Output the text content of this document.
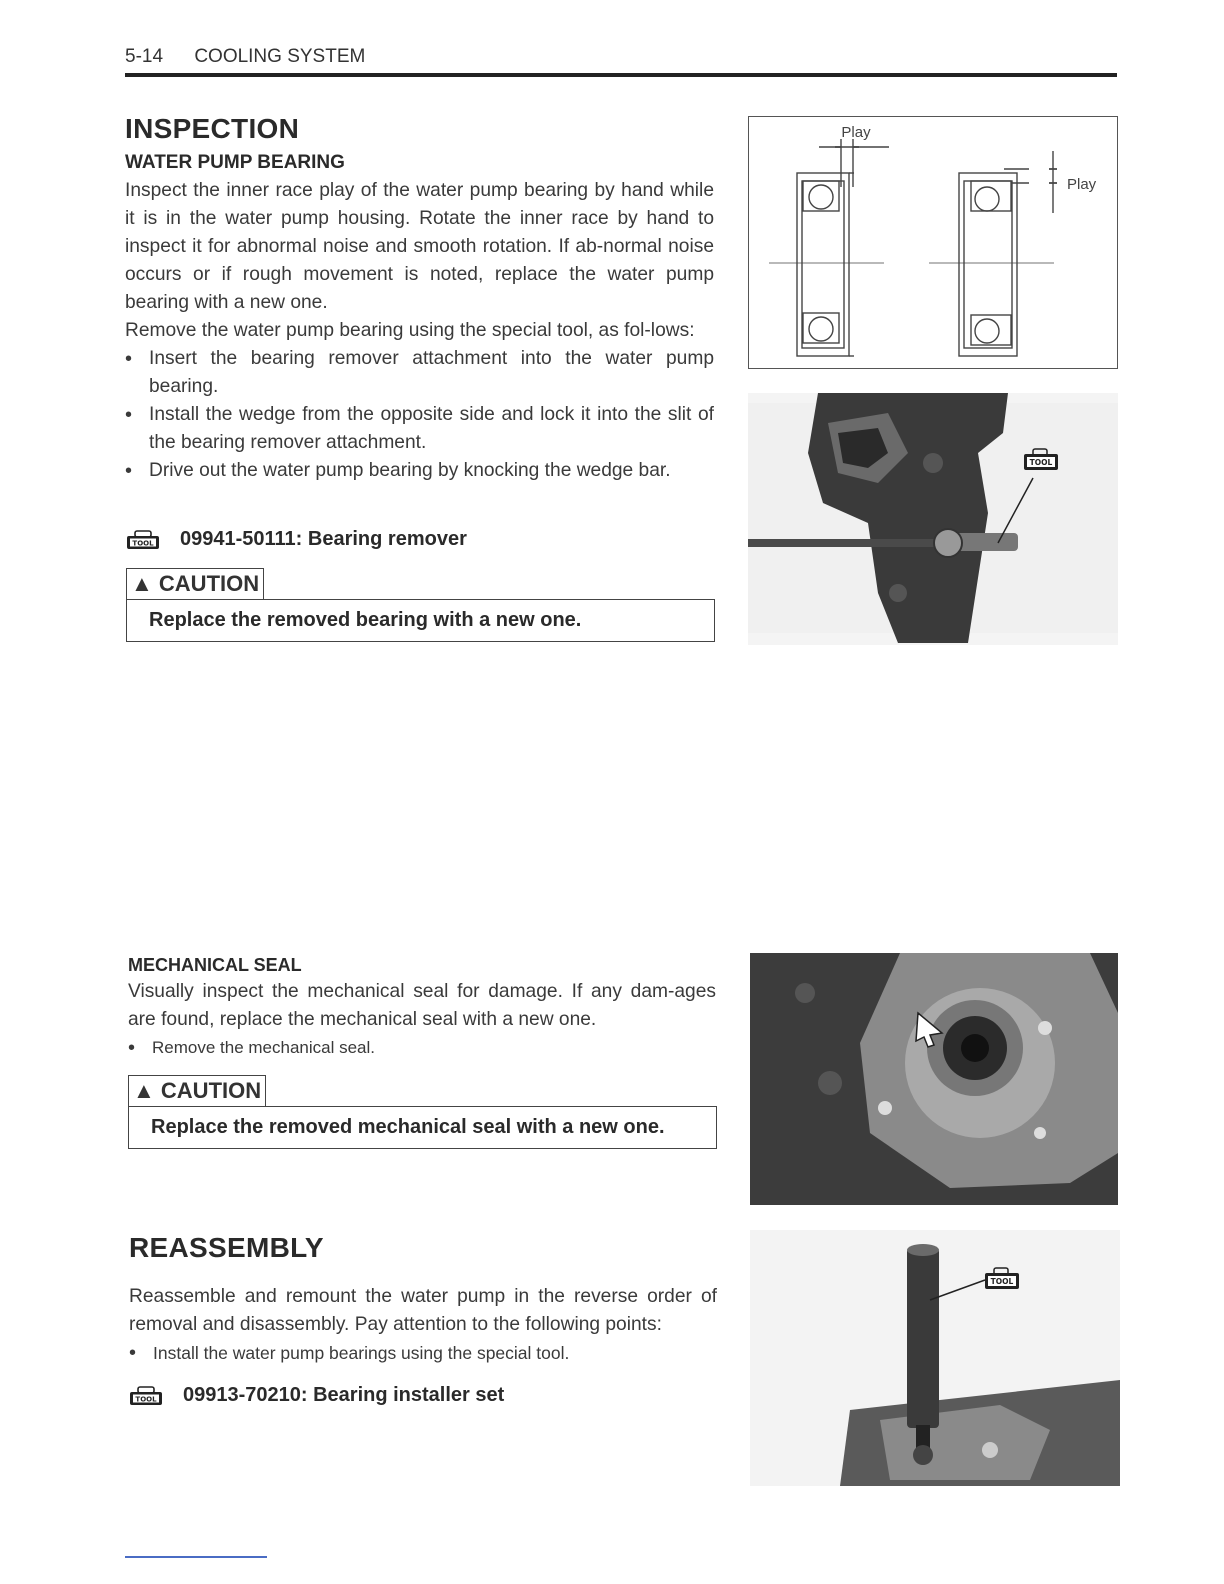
5-14 COOLING SYSTEM
INSPECTION
WATER PUMP BEARING
Inspect the inner race play of the water pump bearing by hand while it is in the water pump housing. Rotate the inner race by hand to inspect it for abnormal noise and smooth rotation. If ab-normal noise occurs or if rough movement is noted, replace the water pump bearing with a new one.
Remove the water pump bearing using the special tool, as fol-lows:
• Insert the bearing remover attachment into the water pump bearing.
• Install the wedge from the opposite side and lock it into the slit of the bearing remover attachment.
• Drive out the water pump bearing by knocking the wedge bar.
TOOL 09941-50111: Bearing remover
▲ CAUTION
Replace the removed bearing with a new one.
Play
Play
TOOL
MECHANICAL SEAL
Visually inspect the mechanical seal for damage. If any dam-ages are found, replace the mechanical seal with a new one.
• Remove the mechanical seal.
▲ CAUTION
Replace the removed mechanical seal with a new one.
REASSEMBLY
Reassemble and remount the water pump in the reverse order of removal and disassembly. Pay attention to the following points:
• Install the water pump bearings using the special tool.
TOOL 09913-70210: Bearing installer set
TOOL
